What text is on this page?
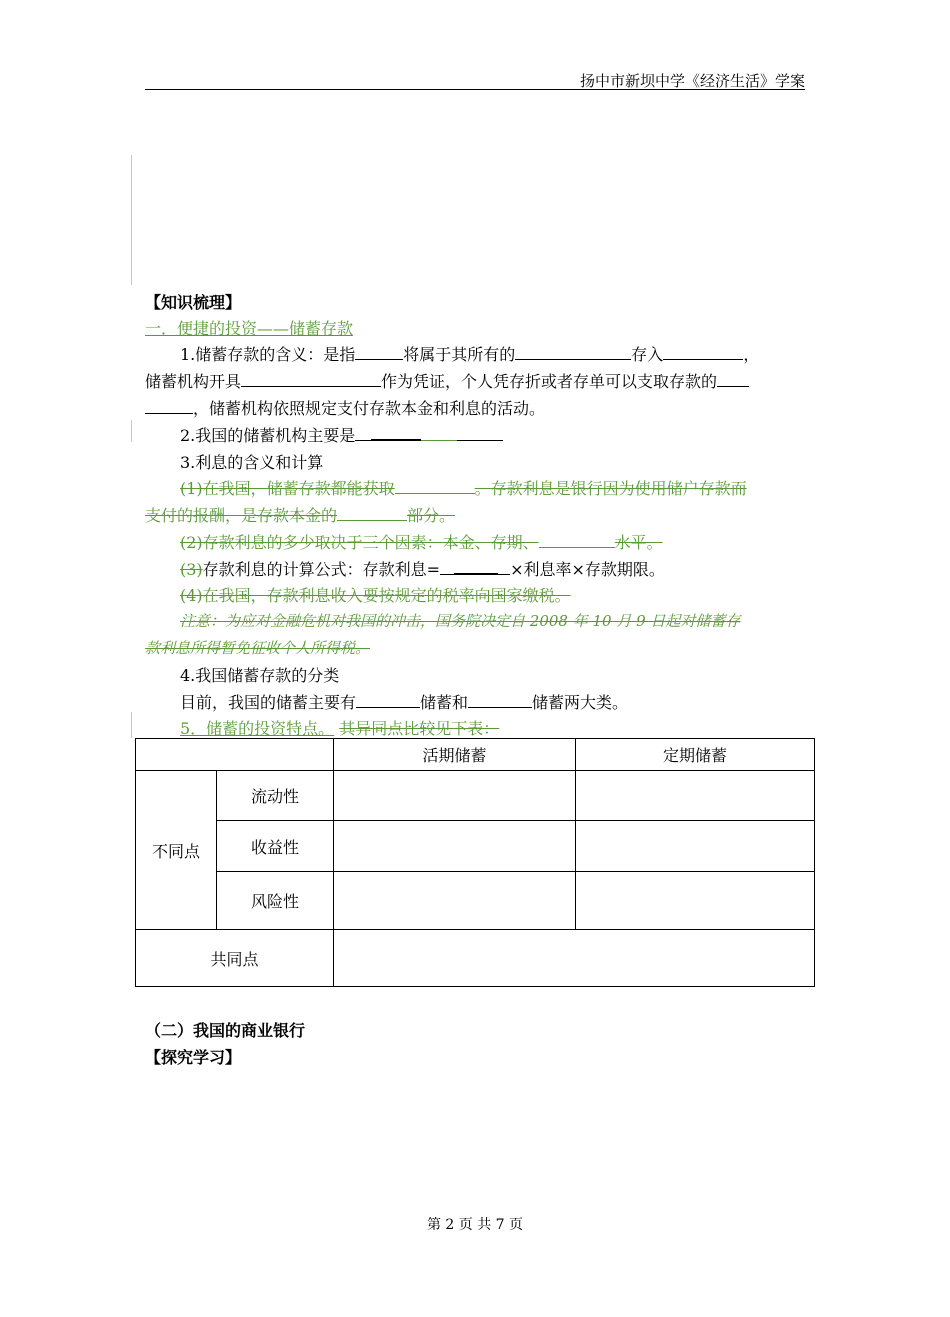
扬中市新坝中学《经济生活》学案
【知识梳理】
一．便捷的投资——储蓄存款
1.储蓄存款的含义：是指	将属于其所有的	存入	，
储蓄机构开具	作为凭证，个人凭存折或者存单可以支取存款的
，储蓄机构依照规定支付存款本金和利息的活动。
2.我国的储蓄机构主要是
3.利息的含义和计算
(1)在我国，储蓄存款都能获取	。存款利息是银行因为使用储户存款而
支付的报酬，是存款本金的	部分。
(2)存款利息的多少取决于三个因素：本金、存期、	水平。
(3)存款利息的计算公式：存款利息=	×利息率×存款期限。
(4)在我国，存款利息收入要按规定的税率向国家缴税。
注意：为应对金融危机对我国的冲击，国务院决定自 2008 年 10 月 9 日起对储蓄存
款利息所得暂免征收个人所得税。
4.我国储蓄存款的分类
目前，我国的储蓄主要有	储蓄和	储蓄两大类。
5．储蓄的投资特点。 其异同点比较见下表：
		活期储蓄	定期储蓄
不同点	流动性		
	收益性		
	风险性		
共同点			
（二）我国的商业银行
【探究学习】
第 2 页 共 7 页
